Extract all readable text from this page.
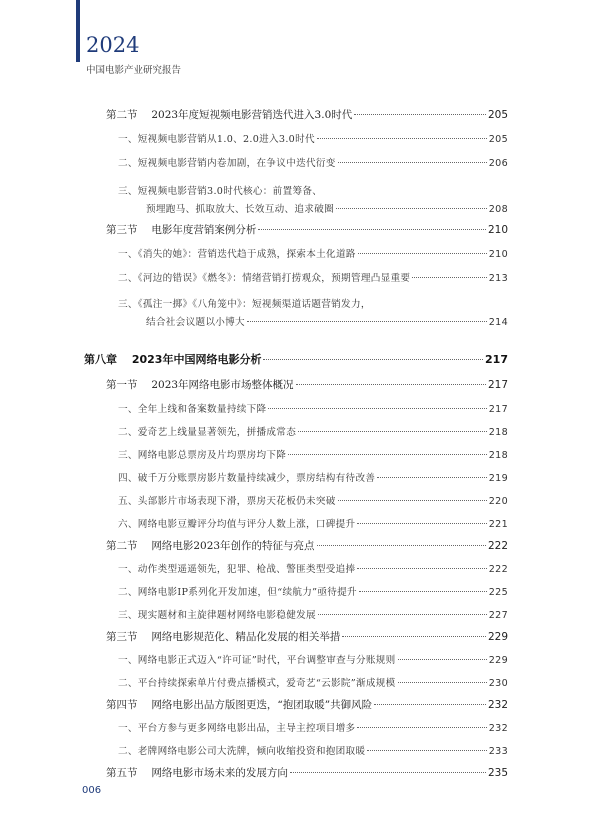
2024
中国电影产业研究报告
第二节　 2023年度短视频电影营销迭代进入3.0时代	205
一、短视频电影营销从1.0、2.0进入3.0时代	205
二、短视频电影营销内卷加剧，在争议中迭代衍变	206
三、短视频电影营销3.0时代核心：前置筹备、
预埋跑马、抓取放大、长效互动、追求破圈	208
第三节　 电影年度营销案例分析	210
一、《消失的她》：营销迭代趋于成熟，探索本土化道路	210
二、《河边的错误》《燃冬》：情绪营销打捞观众，预期管理凸显重要	213
三、《孤注一掷》《八角笼中》：短视频渠道话题营销发力，
结合社会议题以小博大	214
第八章　 2023年中国网络电影分析	217
第一节　 2023年网络电影市场整体概况	217
一、全年上线和备案数量持续下降	217
二、爱奇艺上线量显著领先，拼播成常态	218
三、网络电影总票房及片均票房均下降	218
四、破千万分账票房影片数量持续减少，票房结构有待改善	219
五、头部影片市场表现下滑，票房天花板仍未突破	220
六、网络电影豆瓣评分均值与评分人数上涨，口碑提升	221
第二节　 网络电影2023年创作的特征与亮点	222
一、动作类型遥遥领先，犯罪、枪战、警匪类型受追捧	222
二、网络电影IP系列化开发加速，但“续航力”亟待提升	225
三、现实题材和主旋律题材网络电影稳健发展	227
第三节　 网络电影规范化、精品化发展的相关举措	229
一、网络电影正式迈入“许可证”时代，平台调整审查与分账规则	229
二、平台持续探索单片付费点播模式，爱奇艺“云影院”渐成规模	230
第四节　 网络电影出品方版图更迭，“抱团取暖”共御风险	232
一、平台方参与更多网络电影出品，主导主控项目增多	232
二、老牌网络电影公司大洗牌，倾向收缩投资和抱团取暖	233
第五节　 网络电影市场未来的发展方向	235
006
